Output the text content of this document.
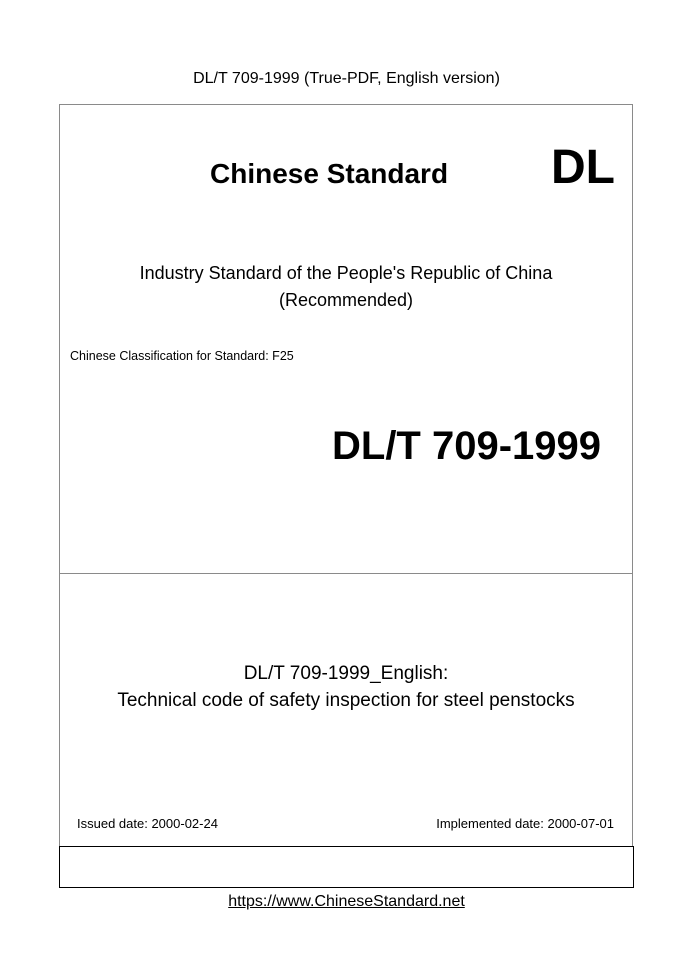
DL/T 709-1999 (True-PDF, English version)
Chinese Standard DL
Industry Standard of the People's Republic of China
(Recommended)
Chinese Classification for Standard: F25
DL/T 709-1999
DL/T 709-1999_English:
Technical code of safety inspection for steel penstocks
Issued date: 2000-02-24	Implemented date: 2000-07-01
https://www.ChineseStandard.net
